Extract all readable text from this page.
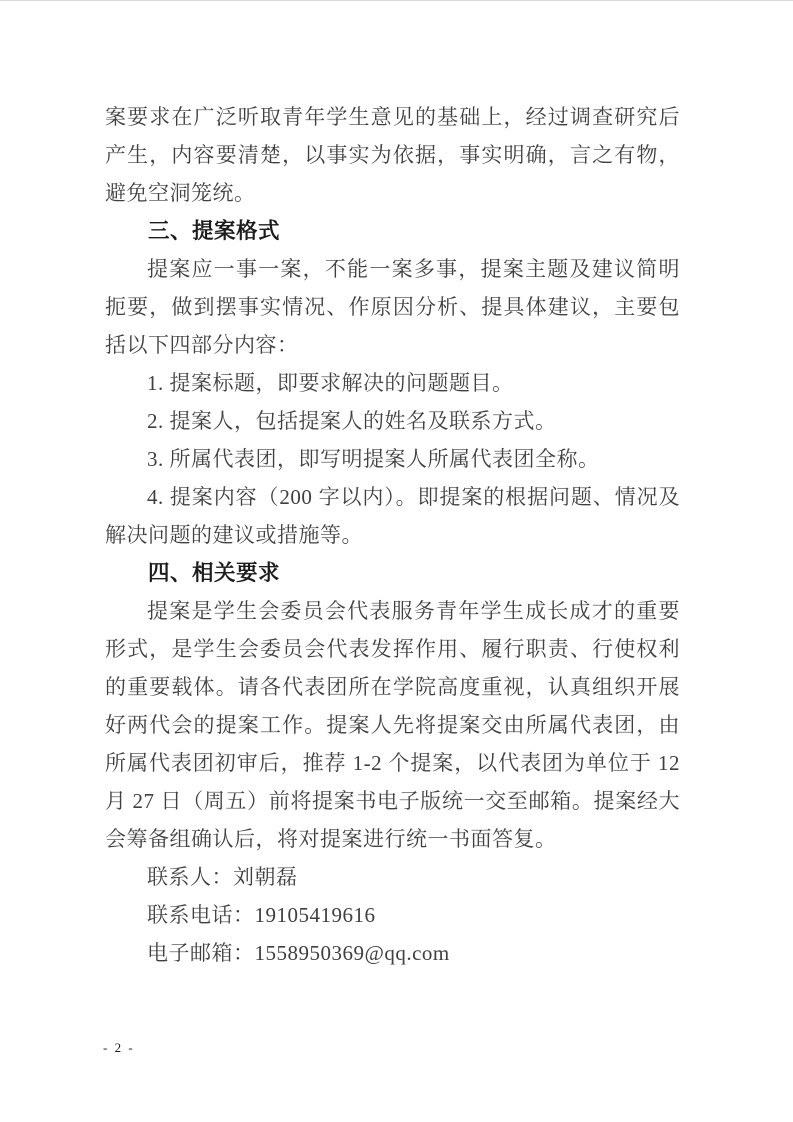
案要求在广泛听取青年学生意见的基础上，经过调查研究后产生，内容要清楚，以事实为依据，事实明确，言之有物，避免空洞笼统。

三、提案格式

提案应一事一案，不能一案多事，提案主题及建议简明扼要，做到摆事实情况、作原因分析、提具体建议，主要包括以下四部分内容：

1. 提案标题，即要求解决的问题题目。

2. 提案人，包括提案人的姓名及联系方式。

3. 所属代表团，即写明提案人所属代表团全称。

4. 提案内容（200 字以内）。即提案的根据问题、情况及解决问题的建议或措施等。

四、相关要求

提案是学生会委员会代表服务青年学生成长成才的重要形式，是学生会委员会代表发挥作用、履行职责、行使权利的重要载体。请各代表团所在学院高度重视，认真组织开展好两代会的提案工作。提案人先将提案交由所属代表团，由所属代表团初审后，推荐 1-2 个提案，以代表团为单位于 12 月 27 日（周五）前将提案书电子版统一交至邮箱。提案经大会筹备组确认后，将对提案进行统一书面答复。

联系人：刘朝磊

联系电话：19105419616

电子邮箱：1558950369@qq.com

- 2 -
